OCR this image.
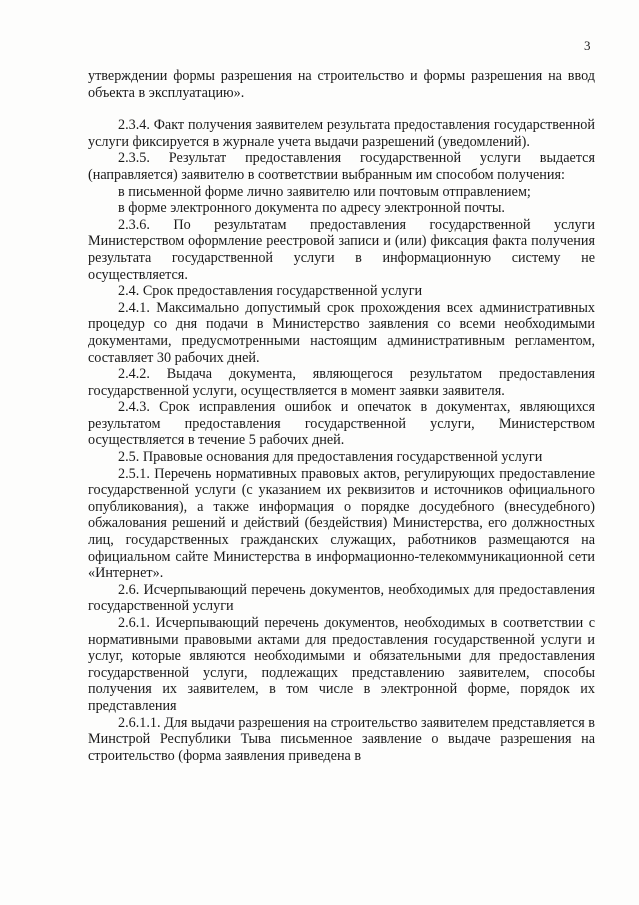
3

утверждении формы разрешения на строительство и формы разрешения на ввод объекта в эксплуатацию».

2.3.4. Факт получения заявителем результата предоставления государственной услуги фиксируется в журнале учета выдачи разрешений (уведомлений).

2.3.5. Результат предоставления государственной услуги выдается (направляется) заявителю в соответствии выбранным им способом получения:

в письменной форме лично заявителю или почтовым отправлением;

в форме электронного документа по адресу электронной почты.

2.3.6. По результатам предоставления государственной услуги Министерством оформление реестровой записи и (или) фиксация факта получения результата государственной услуги в информационную систему не осуществляется.

2.4. Срок предоставления государственной услуги

2.4.1. Максимально допустимый срок прохождения всех административных процедур со дня подачи в Министерство заявления со всеми необходимыми документами, предусмотренными настоящим административным регламентом, составляет 30 рабочих дней.

2.4.2. Выдача документа, являющегося результатом предоставления государственной услуги, осуществляется в момент заявки заявителя.

2.4.3. Срок исправления ошибок и опечаток в документах, являющихся результатом предоставления государственной услуги, Министерством осуществляется в течение 5 рабочих дней.

2.5. Правовые основания для предоставления государственной услуги

2.5.1. Перечень нормативных правовых актов, регулирующих предоставление государственной услуги (с указанием их реквизитов и источников официального опубликования), а также информация о порядке досудебного (внесудебного) обжалования решений и действий (бездействия) Министерства, его должностных лиц, государственных гражданских служащих, работников размещаются на официальном сайте Министерства в информационно-телекоммуникационной сети «Интернет».

2.6. Исчерпывающий перечень документов, необходимых для предоставления государственной услуги

2.6.1. Исчерпывающий перечень документов, необходимых в соответствии с нормативными правовыми актами для предоставления государственной услуги и услуг, которые являются необходимыми и обязательными для предоставления государственной услуги, подлежащих представлению заявителем, способы получения их заявителем, в том числе в электронной форме, порядок их представления

2.6.1.1. Для выдачи разрешения на строительство заявителем представляется в Минстрой Республики Тыва письменное заявление о выдаче разрешения на строительство (форма заявления приведена в
